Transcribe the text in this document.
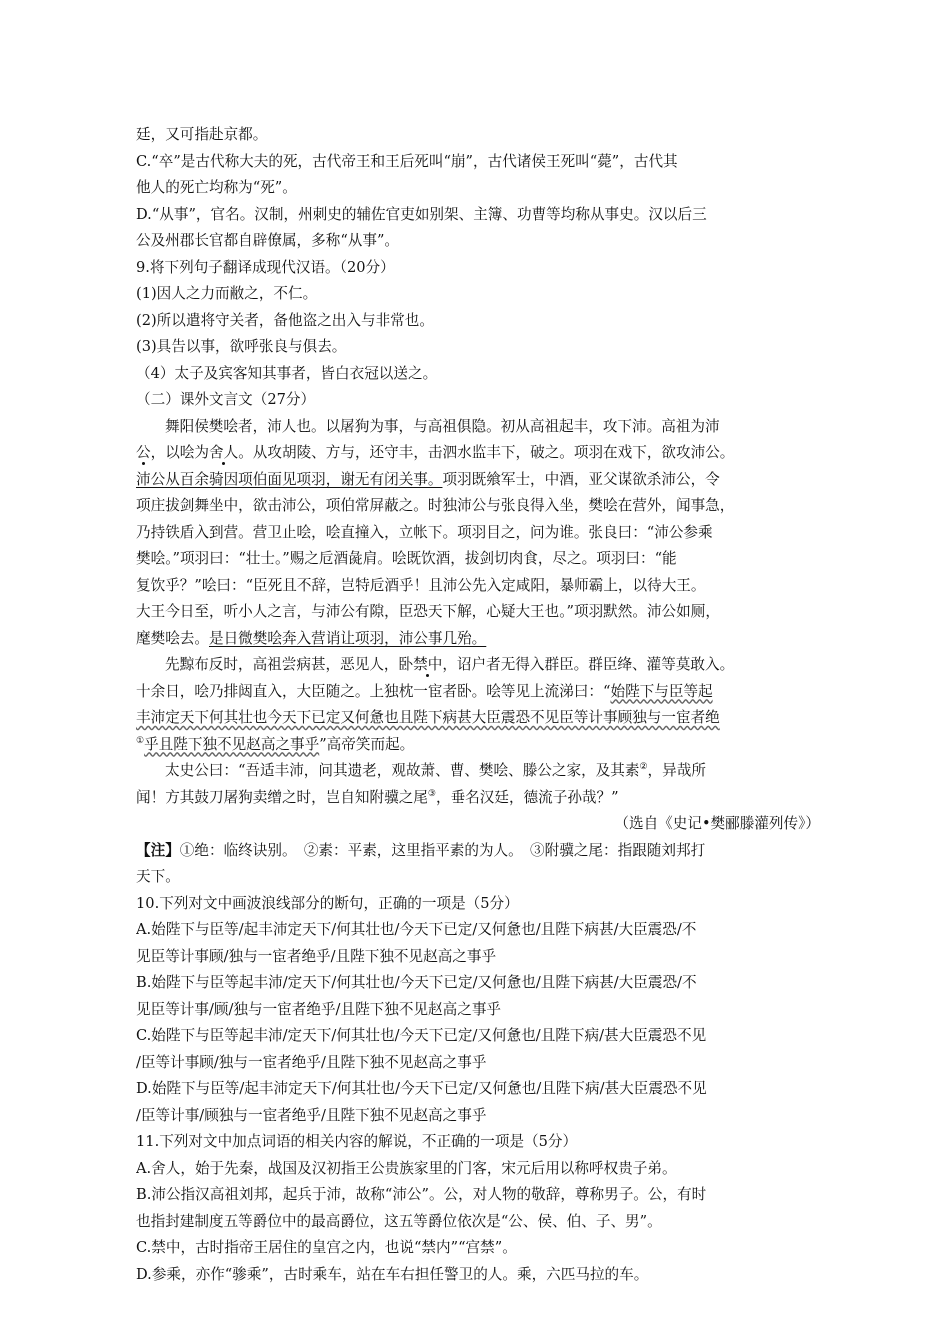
廷，又可指赴京都。
C.“卒”是古代称大夫的死，古代帝王和王后死叫“崩”，古代诸侯王死叫“薨”，古代其
他人的死亡均称为“死”。
D.“从事”，官名。汉制，州刺史的辅佐官吏如别架、主簿、功曹等均称从事史。汉以后三
公及州郡长官都自辟僚属，多称“从事”。
9.将下列句子翻译成现代汉语。（20分）
(1)因人之力而敝之，不仁。
(2)所以遣将守关者，备他盗之出入与非常也。
(3)具告以事，欲呼张良与俱去。
（4）太子及宾客知其事者，皆白衣冠以送之。
（二）课外文言文（27分）
舞阳侯樊哙者，沛人也。以屠狗为事，与高祖俱隐。初从高祖起丰，攻下沛。高祖为沛
公，以哙为舍人。从攻胡陵、方与，还守丰，击泗水监丰下，破之。项羽在戏下，欲攻沛公。
沛公从百余骑因项伯面见项羽，谢无有闭关事。项羽既飨军士，中酒，亚父谋欲杀沛公，令
项庄拔剑舞坐中，欲击沛公，项伯常屏蔽之。时独沛公与张良得入坐，樊哙在营外，闻事急，
乃持铁盾入到营。营卫止哙，哙直撞入，立帐下。项羽目之，问为谁。张良曰：“沛公参乘
樊哙。”项羽曰：“壮士。”赐之卮酒彘肩。哙既饮酒，拔剑切肉食，尽之。项羽曰：“能
复饮乎？”哙曰：“臣死且不辞，岂特卮酒乎！且沛公先入定咸阳，暴师霸上，以待大王。
大王今日至，听小人之言，与沛公有隙，臣恐天下解，心疑大王也。”项羽默然。沛公如厕，
麾樊哙去。是日微樊哙奔入营诮让项羽，沛公事几殆。
先黥布反时，高祖尝病甚，恶见人，卧禁中，诏户者无得入群臣。群臣绛、灌等莫敢入。
十余日，哙乃排闼直入，大臣随之。上独枕一宦者卧。哙等见上流涕曰：“始陛下与臣等起
丰沛定天下何其壮也今天下已定又何惫也且陛下病甚大臣震恐不见臣等计事顾独与一宦者绝
①乎且陛下独不见赵高之事乎”高帝笑而起。
太史公曰：“吾适丰沛，问其遗老，观故萧、曹、樊哙、滕公之家，及其素②，异哉所
闻！方其鼓刀屠狗卖缯之时，岂自知附骥之尾③，垂名汉廷，德流子孙哉？”
（选自《史记•樊郦滕灌列传》）
【注】①绝：临终诀别。　②素：平素，这里指平素的为人。　③附骥之尾：指跟随刘邦打
天下。
10.下列对文中画波浪线部分的断句，正确的一项是（5分）
A.始陛下与臣等/起丰沛定天下/何其壮也/今天下已定/又何惫也/且陛下病甚/大臣震恐/不
见臣等计事顾/独与一宦者绝乎/且陛下独不见赵高之事乎
B.始陛下与臣等起丰沛/定天下/何其壮也/今天下已定/又何惫也/且陛下病甚/大臣震恐/不
见臣等计事/顾/独与一宦者绝乎/且陛下独不见赵高之事乎
C.始陛下与臣等起丰沛/定天下/何其壮也/今天下已定/又何惫也/且陛下病/甚大臣震恐不见
/臣等计事顾/独与一宦者绝乎/且陛下独不见赵高之事乎
D.始陛下与臣等/起丰沛定天下/何其壮也/今天下已定/又何惫也/且陛下病/甚大臣震恐不见
/臣等计事/顾独与一宦者绝乎/且陛下独不见赵高之事乎
11.下列对文中加点词语的相关内容的解说，不正确的一项是（5分）
A.舍人，始于先秦，战国及汉初指王公贵族家里的门客，宋元后用以称呼权贵子弟。
B.沛公指汉高祖刘邦，起兵于沛，故称“沛公”。公，对人物的敬辞，尊称男子。公，有时
也指封建制度五等爵位中的最高爵位，这五等爵位依次是“公、侯、伯、子、男”。
C.禁中，古时指帝王居住的皇宫之内，也说“禁内”“宫禁”。
D.参乘，亦作“骖乘”，古时乘车，站在车右担任警卫的人。乘，六匹马拉的车。
